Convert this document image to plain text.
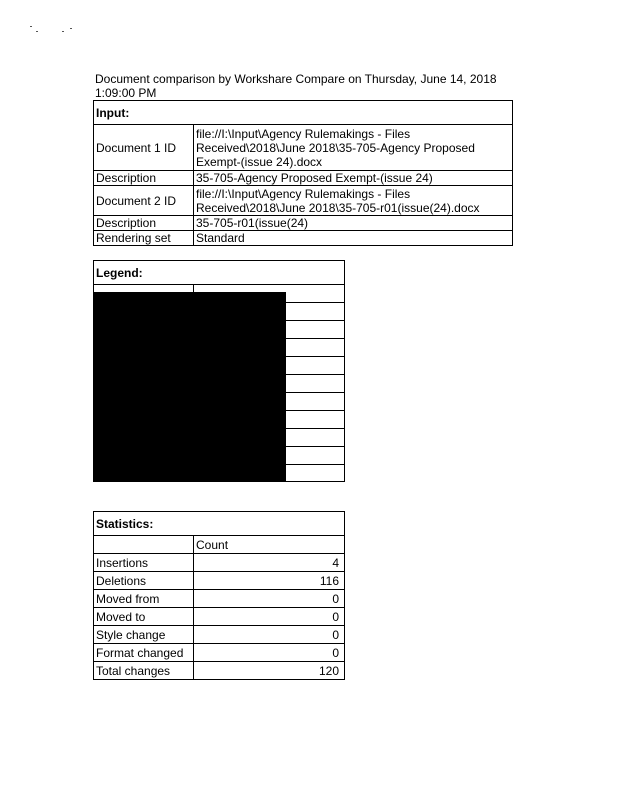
Document comparison by Workshare Compare on Thursday, June 14, 2018
1:09:00 PM
Input:	
Document 1 ID	file://I:\Input\Agency Rulemakings - Files Received\2018\June 2018\35-705-Agency Proposed Exempt-(issue 24).docx
Description	35-705-Agency Proposed Exempt-(issue 24)
Document 2 ID	file://I:\Input\Agency Rulemakings - Files Received\2018\June 2018\35-705-r01(issue(24).docx
Description	35-705-r01(issue(24)
Rendering set	Standard
Legend:	

Statistics:	
	Count
Insertions	4
Deletions	116
Moved from	0
Moved to	0
Style change	0
Format changed	0
Total changes	120
